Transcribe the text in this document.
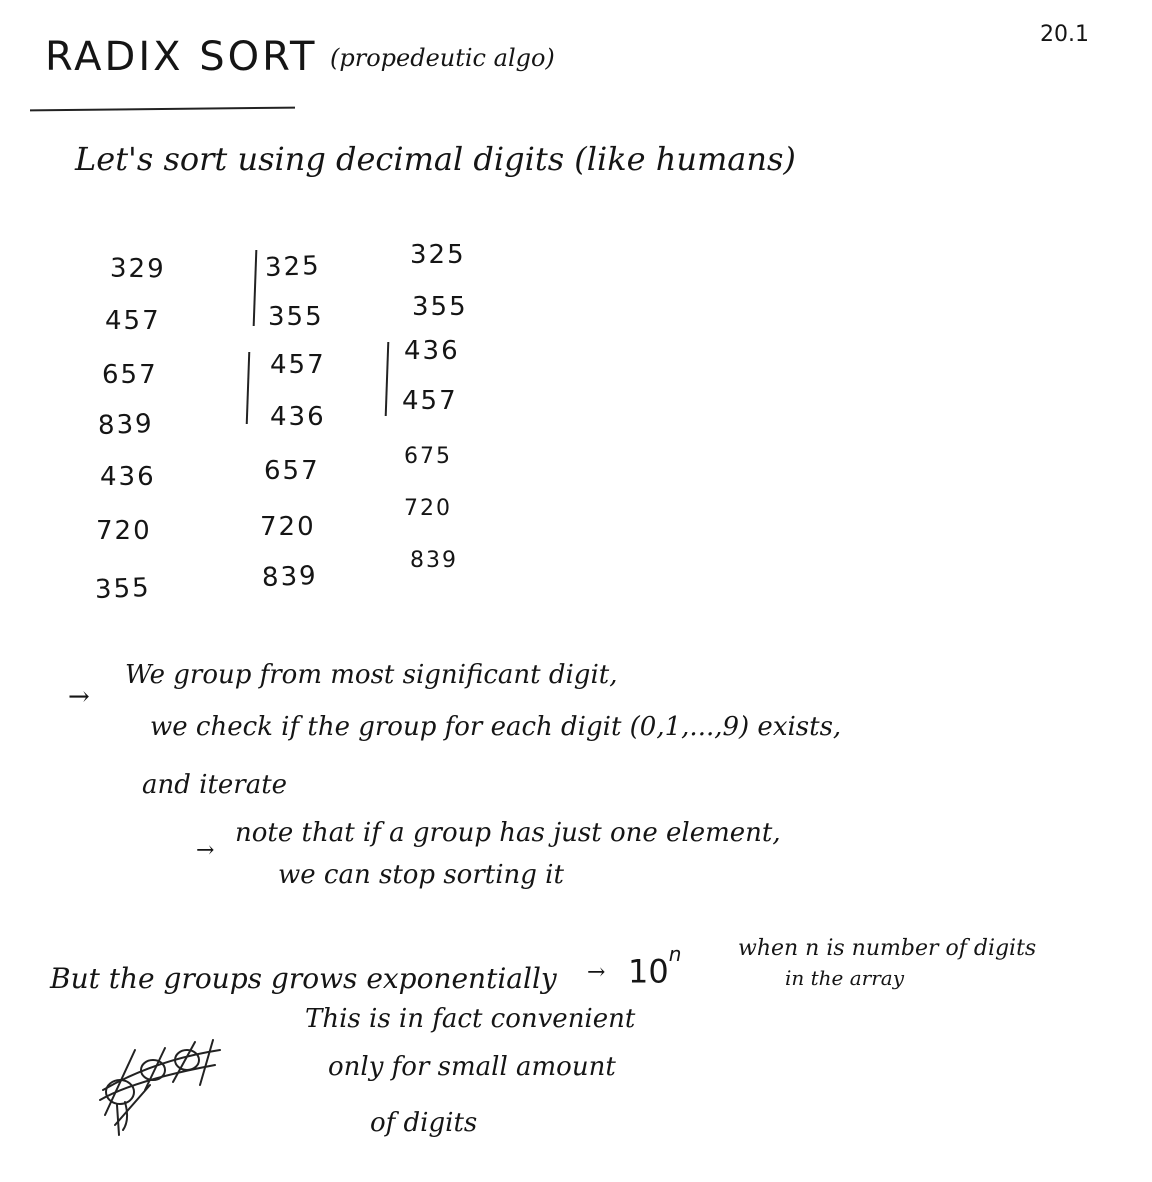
20.1
RADIX SORT (propedeutic algo)
Let's sort using decimal digits (like humans)
329
457
657
839
436
720
355
325
355
457
436
657
720
839
325
355
436
457
675
720
839
→
We group from most significant digit,
we check if the group for each digit (0,1,...,9) exists,
and iterate
→
note that if a group has just one element,
we can stop sorting it
But the groups grows exponentially → $10^n$	when n is number of digits
in the array
This is in fact convenient
only for small amount
of digits
